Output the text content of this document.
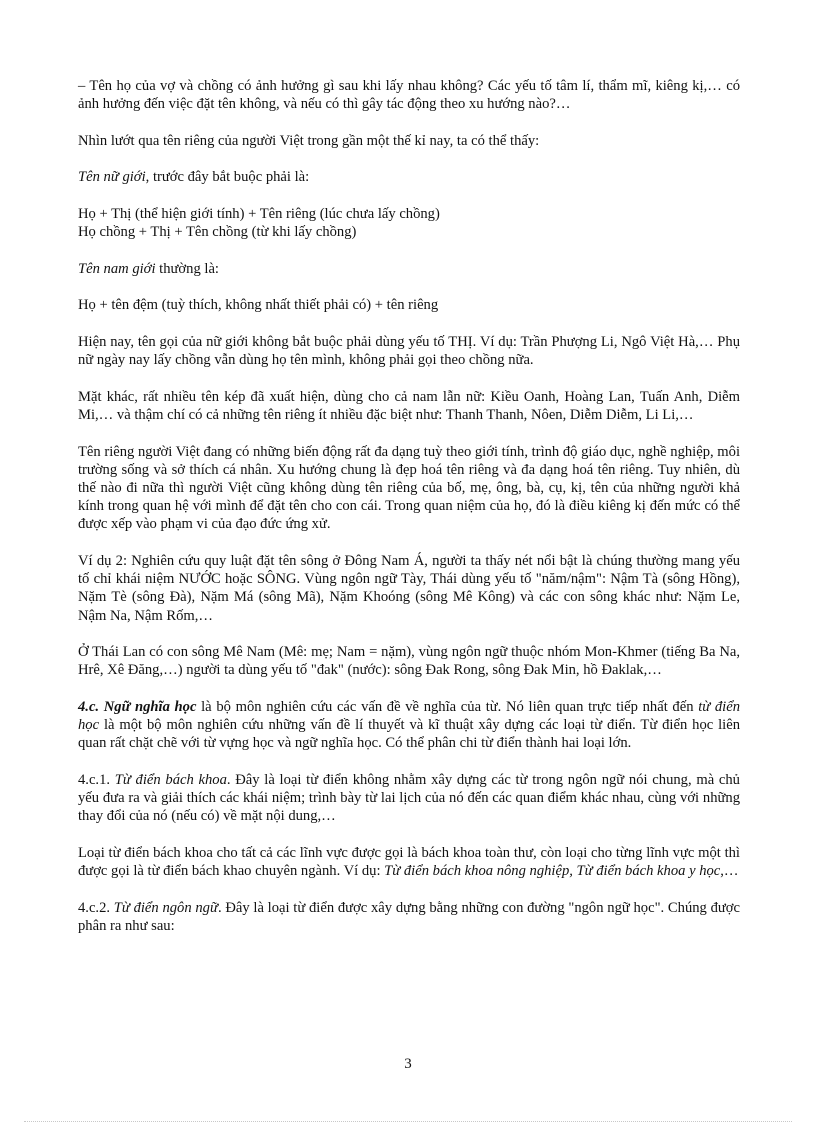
– Tên họ của vợ và chồng có ảnh hưởng gì sau khi lấy nhau không? Các yếu tố tâm lí, thẩm mĩ, kiêng kị,… có ảnh hưởng đến việc đặt tên không, và nếu có thì gây tác động theo xu hướng nào?…

Nhìn lướt qua tên riêng của người Việt trong gần một thế kỉ nay, ta có thể thấy:

Tên nữ giới, trước đây bắt buộc phải là:

Họ + Thị (thể hiện giới tính) + Tên riêng (lúc chưa lấy chồng)

Họ chồng + Thị + Tên chồng (từ khi lấy chồng)

Tên nam giới thường là:

Họ + tên đệm (tuỳ thích, không nhất thiết phải có) + tên riêng

Hiện nay, tên gọi của nữ giới không bắt buộc phải dùng yếu tố THỊ. Ví dụ: Trần Phượng Li, Ngô Việt Hà,… Phụ nữ ngày nay lấy chồng vẫn dùng họ tên mình, không phải gọi theo chồng nữa.

Mặt khác, rất nhiều tên kép đã xuất hiện, dùng cho cả nam lẫn nữ: Kiều Oanh, Hoàng Lan, Tuấn Anh, Diễm Mi,… và thậm chí có cả những tên riêng ít nhiều đặc biệt như: Thanh Thanh, Nôen, Diễm Diễm, Li Li,…

Tên riêng người Việt đang có những biến động rất đa dạng tuỳ theo giới tính, trình độ giáo dục, nghề nghiệp, môi trường sống và sở thích cá nhân. Xu hướng chung là đẹp hoá tên riêng và đa dạng hoá tên riêng. Tuy nhiên, dù thế nào đi nữa thì người Việt cũng không dùng tên riêng của bố, mẹ, ông, bà, cụ, kị, tên của những người khả kính trong quan hệ với mình để đặt tên cho con cái. Trong quan niệm của họ, đó là điều kiêng kị đến mức có thể được xếp vào phạm vi của đạo đức ứng xử.

Ví dụ 2: Nghiên cứu quy luật đặt tên sông ở Đông Nam Á, người ta thấy nét nổi bật là chúng thường mang yếu tố chỉ khái niệm NƯỚC hoặc SÔNG. Vùng ngôn ngữ Tày, Thái dùng yếu tố "năm/nậm": Nậm Tà (sông Hồng), Nặm Tè (sông Đà), Nặm Má (sông Mã), Nặm Khoóng (sông Mê Kông) và các con sông khác như: Nặm Le, Nậm Na, Nậm Rốm,…

Ở Thái Lan có con sông Mê Nam (Mê: mẹ; Nam = nặm), vùng ngôn ngữ thuộc nhóm Mon-Khmer (tiếng Ba Na, Hrê, Xê Đăng,…) người ta dùng yếu tố "đak" (nước): sông Đak Rong, sông Đak Min, hồ Đaklak,…

4.c. Ngữ nghĩa học là bộ môn nghiên cứu các vấn đề về nghĩa của từ. Nó liên quan trực tiếp nhất đến từ điển học là một bộ môn nghiên cứu những vấn đề lí thuyết và kĩ thuật xây dựng các loại từ điển. Từ điển học liên quan rất chặt chẽ với từ vựng học và ngữ nghĩa học. Có thể phân chi từ điển thành hai loại lớn.

4.c.1. Từ điển bách khoa. Đây là loại từ điển không nhằm xây dựng các từ trong ngôn ngữ nói chung, mà chủ yếu đưa ra và giải thích các khái niệm; trình bày từ lai lịch của nó đến các quan điểm khác nhau, cùng với những thay đổi của nó (nếu có) về mặt nội dung,…

Loại từ điển bách khoa cho tất cả các lĩnh vực được gọi là bách khoa toàn thư, còn loại cho từng lĩnh vực một thì được gọi là từ điển bách khao chuyên ngành. Ví dụ: Từ điển bách khoa nông nghiệp, Từ điển bách khoa y học,…

4.c.2. Từ điển ngôn ngữ. Đây là loại từ điển được xây dựng bằng những con đường "ngôn ngữ học". Chúng được phân ra như sau:

3
